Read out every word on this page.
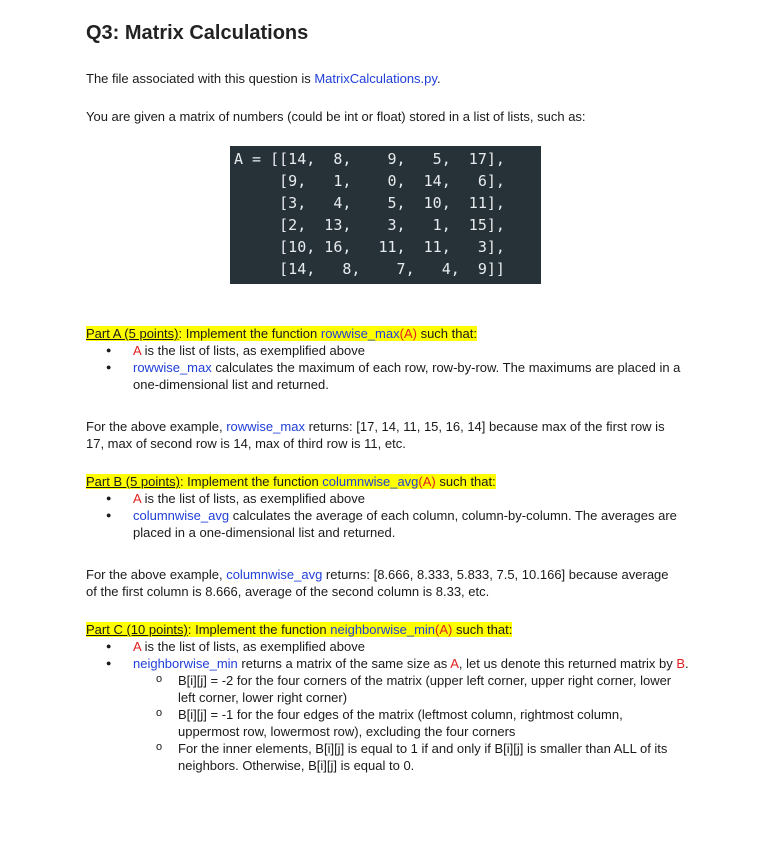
Q3: Matrix Calculations
The file associated with this question is MatrixCalculations.py.
You are given a matrix of numbers (could be int or float) stored in a list of lists, such as:
A = [[14,  8,    9,   5,  17],
[9,   1,    0,  14,   6],
[3,   4,    5,  10,  11],
[2,  13,    3,   1,  15],
[10, 16,   11,  11,   3],
[14,   8,    7,   4,  9]]
Part A (5 points): Implement the function rowwise_max(A) such that:
● A is the list of lists, as exemplified above
● rowwise_max calculates the maximum of each row, row-by-row. The maximums are placed in a one-dimensional list and returned.
For the above example, rowwise_max returns: [17, 14, 11, 15, 16, 14] because max of the first row is 17, max of second row is 14, max of third row is 11, etc.
Part B (5 points): Implement the function columnwise_avg(A) such that:
● A is the list of lists, as exemplified above
● columnwise_avg calculates the average of each column, column-by-column. The averages are placed in a one-dimensional list and returned.
For the above example, columnwise_avg returns: [8.666, 8.333, 5.833, 7.5, 10.166] because average of the first column is 8.666, average of the second column is 8.33, etc.
Part C (10 points): Implement the function neighborwise_min(A) such that:
● A is the list of lists, as exemplified above
● neighborwise_min returns a matrix of the same size as A, let us denote this returned matrix by B.
o B[i][j] = -2 for the four corners of the matrix (upper left corner, upper right corner, lower left corner, lower right corner)
o B[i][j] = -1 for the four edges of the matrix (leftmost column, rightmost column, uppermost row, lowermost row), excluding the four corners
o For the inner elements, B[i][j] is equal to 1 if and only if B[i][j] is smaller than ALL of its neighbors. Otherwise, B[i][j] is equal to 0.
